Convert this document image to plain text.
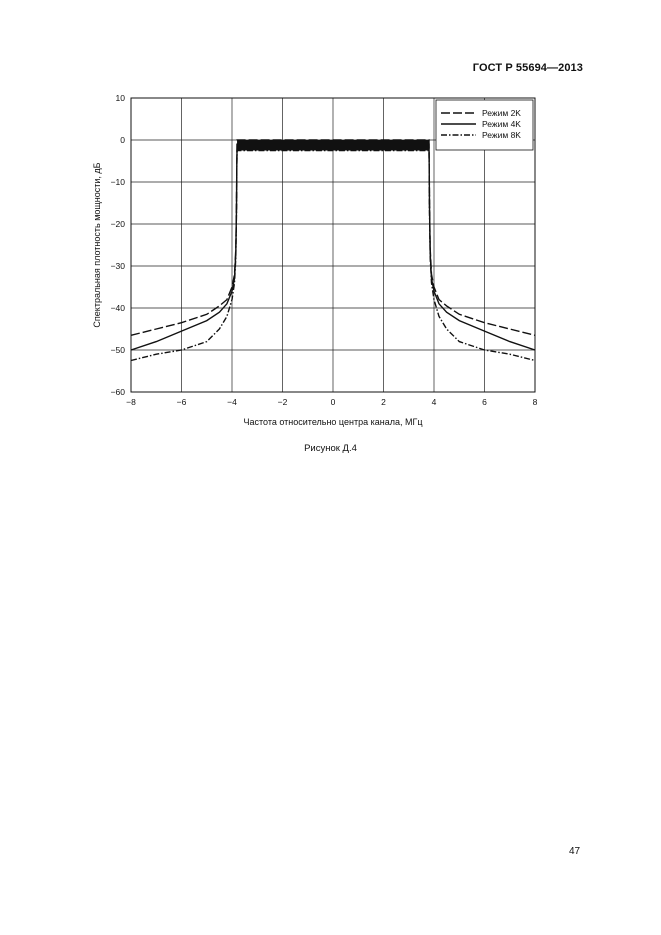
ГОСТ Р 55694—2013
−8	−6	−4	−2	0	2	4	6	8
10
0
−10
−20
−30
−40
−50
−60
Частота относительно центра канала, МГц
Спектральная плотность мощности, дБ
Режим 2K
Режим 4K
Режим 8K
Рисунок Д.4
47
